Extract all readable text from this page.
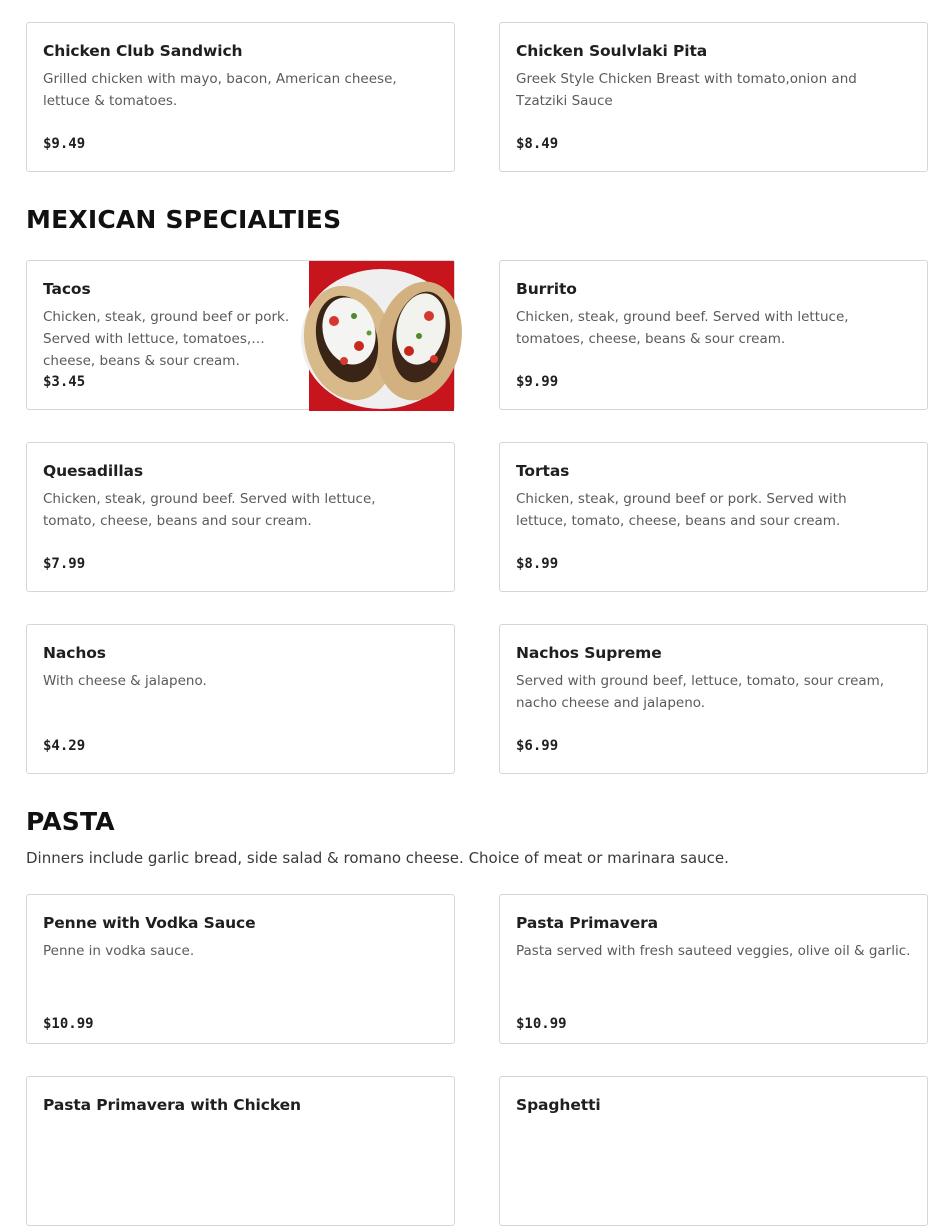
Chicken Club Sandwich
Grilled chicken with mayo, bacon, American cheese, lettuce & tomatoes.
$9.49
Chicken Soulvlaki Pita
Greek Style Chicken Breast with tomato,onion and Tzatziki Sauce
$8.49
MEXICAN SPECIALTIES
Tacos
Chicken, steak, ground beef or pork. Served with lettuce, tomatoes, cheese, beans & sour cream.
$3.45
Burrito
Chicken, steak, ground beef. Served with lettuce, tomatoes, cheese, beans & sour cream.
$9.99
Quesadillas
Chicken, steak, ground beef. Served with lettuce, tomato, cheese, beans and sour cream.
$7.99
Tortas
Chicken, steak, ground beef or pork. Served with lettuce, tomato, cheese, beans and sour cream.
$8.99
Nachos
With cheese & jalapeno.
$4.29
Nachos Supreme
Served with ground beef, lettuce, tomato, sour cream, nacho cheese and jalapeno.
$6.99
PASTA
Dinners include garlic bread, side salad & romano cheese. Choice of meat or marinara sauce.
Penne with Vodka Sauce
Penne in vodka sauce.
$10.99
Pasta Primavera
Pasta served with fresh sauteed veggies, olive oil & garlic.
$10.99
Pasta Primavera with Chicken	Spaghetti
